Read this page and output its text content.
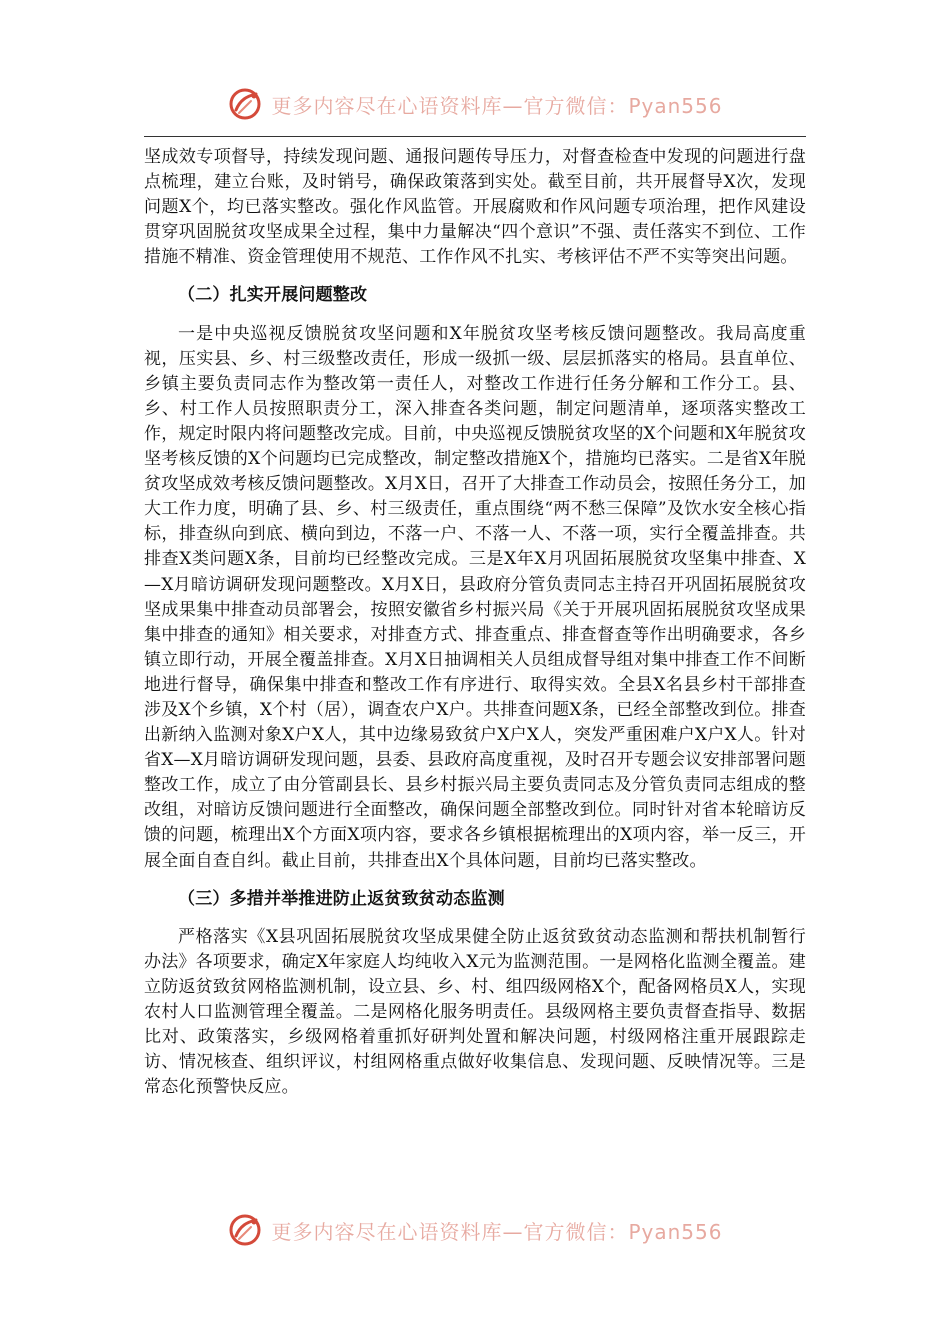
更多内容尽在心语资料库—官方微信：Pyan556

坚成效专项督导，持续发现问题、通报问题传导压力，对督查检查中发现的问题进行盘点梳理，建立台账，及时销号，确保政策落到实处。截至目前，共开展督导X次，发现问题X个，均已落实整改。强化作风监管。开展腐败和作风问题专项治理，把作风建设贯穿巩固脱贫攻坚成果全过程，集中力量解决“四个意识”不强、责任落实不到位、工作措施不精准、资金管理使用不规范、工作作风不扎实、考核评估不严不实等突出问题。

（二）扎实开展问题整改

一是中央巡视反馈脱贫攻坚问题和X年脱贫攻坚考核反馈问题整改。我局高度重视，压实县、乡、村三级整改责任，形成一级抓一级、层层抓落实的格局。县直单位、乡镇主要负责同志作为整改第一责任人，对整改工作进行任务分解和工作分工。县、乡、村工作人员按照职责分工，深入排查各类问题，制定问题清单，逐项落实整改工作，规定时限内将问题整改完成。目前，中央巡视反馈脱贫攻坚的X个问题和X年脱贫攻坚考核反馈的X个问题均已完成整改，制定整改措施X个，措施均已落实。二是省X年脱贫攻坚成效考核反馈问题整改。X月X日，召开了大排查工作动员会，按照任务分工，加大工作力度，明确了县、乡、村三级责任，重点围绕“两不愁三保障”及饮水安全核心指标，排查纵向到底、横向到边，不落一户、不落一人、不落一项，实行全覆盖排查。共排查X类问题X条，目前均已经整改完成。三是X年X月巩固拓展脱贫攻坚集中排查、X—X月暗访调研发现问题整改。X月X日，县政府分管负责同志主持召开巩固拓展脱贫攻坚成果集中排查动员部署会，按照安徽省乡村振兴局《关于开展巩固拓展脱贫攻坚成果集中排查的通知》相关要求，对排查方式、排查重点、排查督查等作出明确要求，各乡镇立即行动，开展全覆盖排查。X月X日抽调相关人员组成督导组对集中排查工作不间断地进行督导，确保集中排查和整改工作有序进行、取得实效。全县X名县乡村干部排查涉及X个乡镇，X个村（居），调查农户X户。共排查问题X条，已经全部整改到位。排查出新纳入监测对象X户X人，其中边缘易致贫户X户X人，突发严重困难户X户X人。针对省X—X月暗访调研发现问题，县委、县政府高度重视，及时召开专题会议安排部署问题整改工作，成立了由分管副县长、县乡村振兴局主要负责同志及分管负责同志组成的整改组，对暗访反馈问题进行全面整改，确保问题全部整改到位。同时针对省本轮暗访反馈的问题，梳理出X个方面X项内容，要求各乡镇根据梳理出的X项内容，举一反三，开展全面自查自纠。截止目前，共排查出X个具体问题，目前均已落实整改。

（三）多措并举推进防止返贫致贫动态监测

严格落实《X县巩固拓展脱贫攻坚成果健全防止返贫致贫动态监测和帮扶机制暂行办法》各项要求，确定X年家庭人均纯收入X元为监测范围。一是网格化监测全覆盖。建立防返贫致贫网格监测机制，设立县、乡、村、组四级网格X个，配备网格员X人，实现农村人口监测管理全覆盖。二是网格化服务明责任。县级网格主要负责督查指导、数据比对、政策落实，乡级网格着重抓好研判处置和解决问题，村级网格注重开展跟踪走访、情况核查、组织评议，村组网格重点做好收集信息、发现问题、反映情况等。三是常态化预警快反应。

更多内容尽在心语资料库—官方微信：Pyan556
